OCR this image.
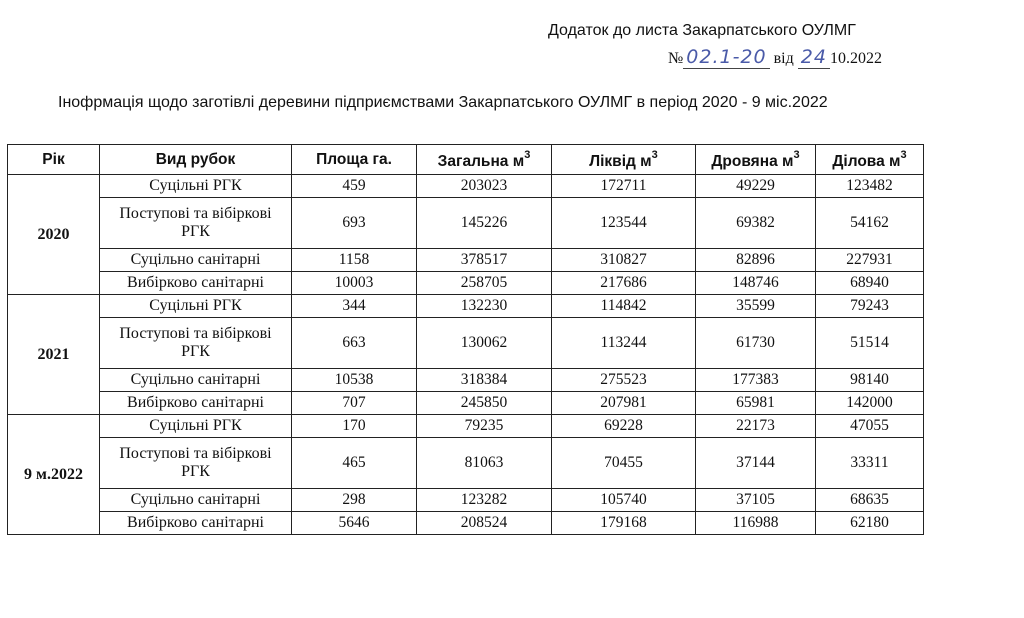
Додаток до листа Закарпатського ОУЛМГ
№ 02.1-20 від 24 10.2022
Інофрмація щодо заготівлі деревини підприємствами Закарпатського ОУЛМГ в період 2020 - 9 міс.2022
Рік	Вид рубок	Площа га.	Загальна $м^3$	Ліквід $м^3$	Дровяна $м^3$	Ділова $м^3$
2020	Суцільні РГК	459	203023	172711	49229	123482
	Поступові та вібіркові РГК	693	145226	123544	69382	54162
	Суцільно санітарні	1158	378517	310827	82896	227931
	Вибірково санітарні	10003	258705	217686	148746	68940
2021	Суцільні РГК	344	132230	114842	35599	79243
	Поступові та вібіркові РГК	663	130062	113244	61730	51514
	Суцільно санітарні	10538	318384	275523	177383	98140
	Вибірково санітарні	707	245850	207981	65981	142000
9 м.2022	Суцільні РГК	170	79235	69228	22173	47055
	Поступові та вібіркові РГК	465	81063	70455	37144	33311
	Суцільно санітарні	298	123282	105740	37105	68635
	Вибірково санітарні	5646	208524	179168	116988	62180
